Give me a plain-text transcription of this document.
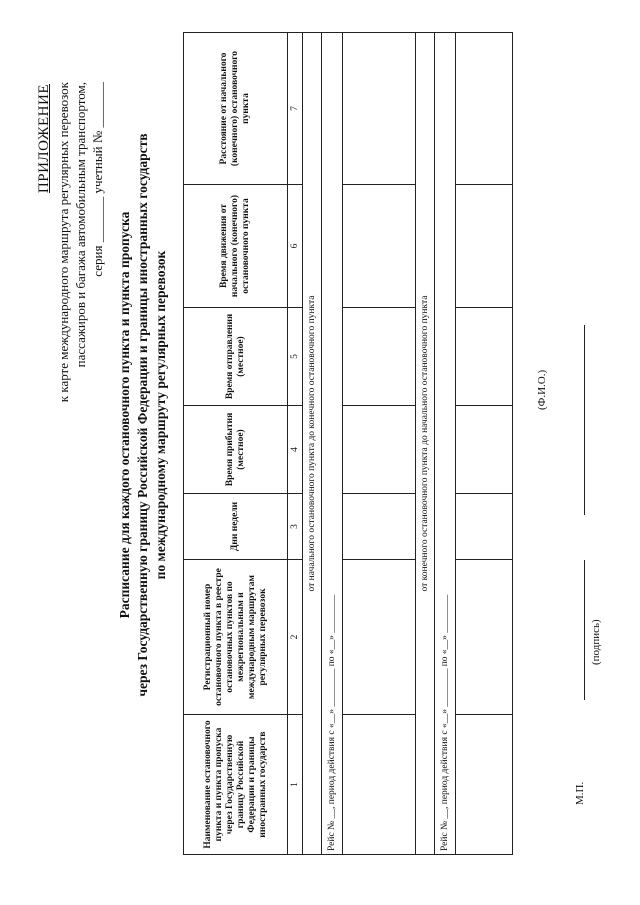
ПРИЛОЖЕНИЕ к карте международного маршрута регулярных перевозок пассажиров и багажа автомобильным транспортом, серия _______ учетный № _______
Расписание для каждого остановочного пункта и пункта пропуска через Государственную границу Российской Федерации и границы иностранных государств по международному маршруту регулярных перевозок
Наименование остановочного пункта и пункта пропуска через Государственную границу Российской Федерации и границы иностранных государств	Регистрационный номер остановочного пункта в реестре остановочных пунктов по межрегиональным и международным маршрутам регулярных перевозок	Дни недели	Время прибытия (местное)	Время отправления (местное)	Время движения от начального (конечного) остановочного пункта	Расстояние от начального (конечного) остановочного пункта
1	2	3	4	5	6	7
от начального остановочного пункта до конечного остановочного пункта						
Рейс № __, период действия с «__» ________ по «__» ________						

от конечного остановочного пункта до начального остановочного пункта						
Рейс № __, период действия с «__» ________ по «__» ________						
							М.П.
(подпись)
(Ф.И.О.)
